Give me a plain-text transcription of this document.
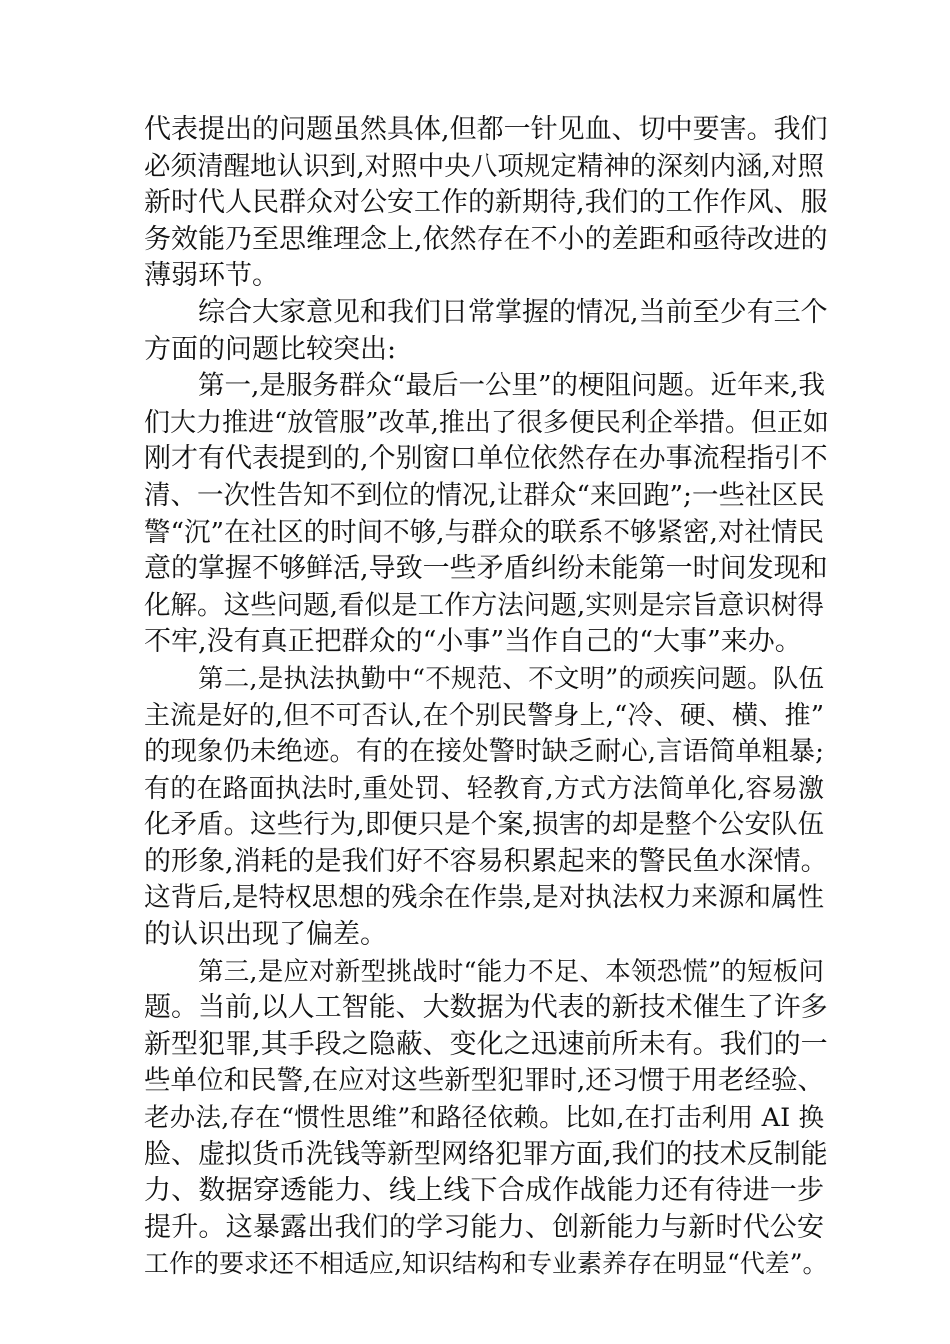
代表提出的问题虽然具体,但都一针见血、切中要害。我们
必须清醒地认识到,对照中央八项规定精神的深刻内涵,对照
新时代人民群众对公安工作的新期待,我们的工作作风、服
务效能乃至思维理念上,依然存在不小的差距和亟待改进的
薄弱环节。
综合大家意见和我们日常掌握的情况,当前至少有三个
方面的问题比较突出:
第一,是服务群众“最后一公里”的梗阻问题。近年来,我
们大力推进“放管服”改革,推出了很多便民利企举措。但正如
刚才有代表提到的,个别窗口单位依然存在办事流程指引不
清、一次性告知不到位的情况,让群众“来回跑”;一些社区民
警“沉”在社区的时间不够,与群众的联系不够紧密,对社情民
意的掌握不够鲜活,导致一些矛盾纠纷未能第一时间发现和
化解。这些问题,看似是工作方法问题,实则是宗旨意识树得
不牢,没有真正把群众的“小事”当作自己的“大事”来办。
第二,是执法执勤中“不规范、不文明”的顽疾问题。队伍
主流是好的,但不可否认,在个别民警身上,“冷、硬、横、推”
的现象仍未绝迹。有的在接处警时缺乏耐心,言语简单粗暴;
有的在路面执法时,重处罚、轻教育,方式方法简单化,容易激
化矛盾。这些行为,即便只是个案,损害的却是整个公安队伍
的形象,消耗的是我们好不容易积累起来的警民鱼水深情。
这背后,是特权思想的残余在作祟,是对执法权力来源和属性
的认识出现了偏差。
第三,是应对新型挑战时“能力不足、本领恐慌”的短板问
题。当前,以人工智能、大数据为代表的新技术催生了许多
新型犯罪,其手段之隐蔽、变化之迅速前所未有。我们的一
些单位和民警,在应对这些新型犯罪时,还习惯于用老经验、
老办法,存在“惯性思维”和路径依赖。比如,在打击利用 AI 换
脸、虚拟货币洗钱等新型网络犯罪方面,我们的技术反制能
力、数据穿透能力、线上线下合成作战能力还有待进一步
提升。这暴露出我们的学习能力、创新能力与新时代公安
工作的要求还不相适应,知识结构和专业素养存在明显“代差”。
